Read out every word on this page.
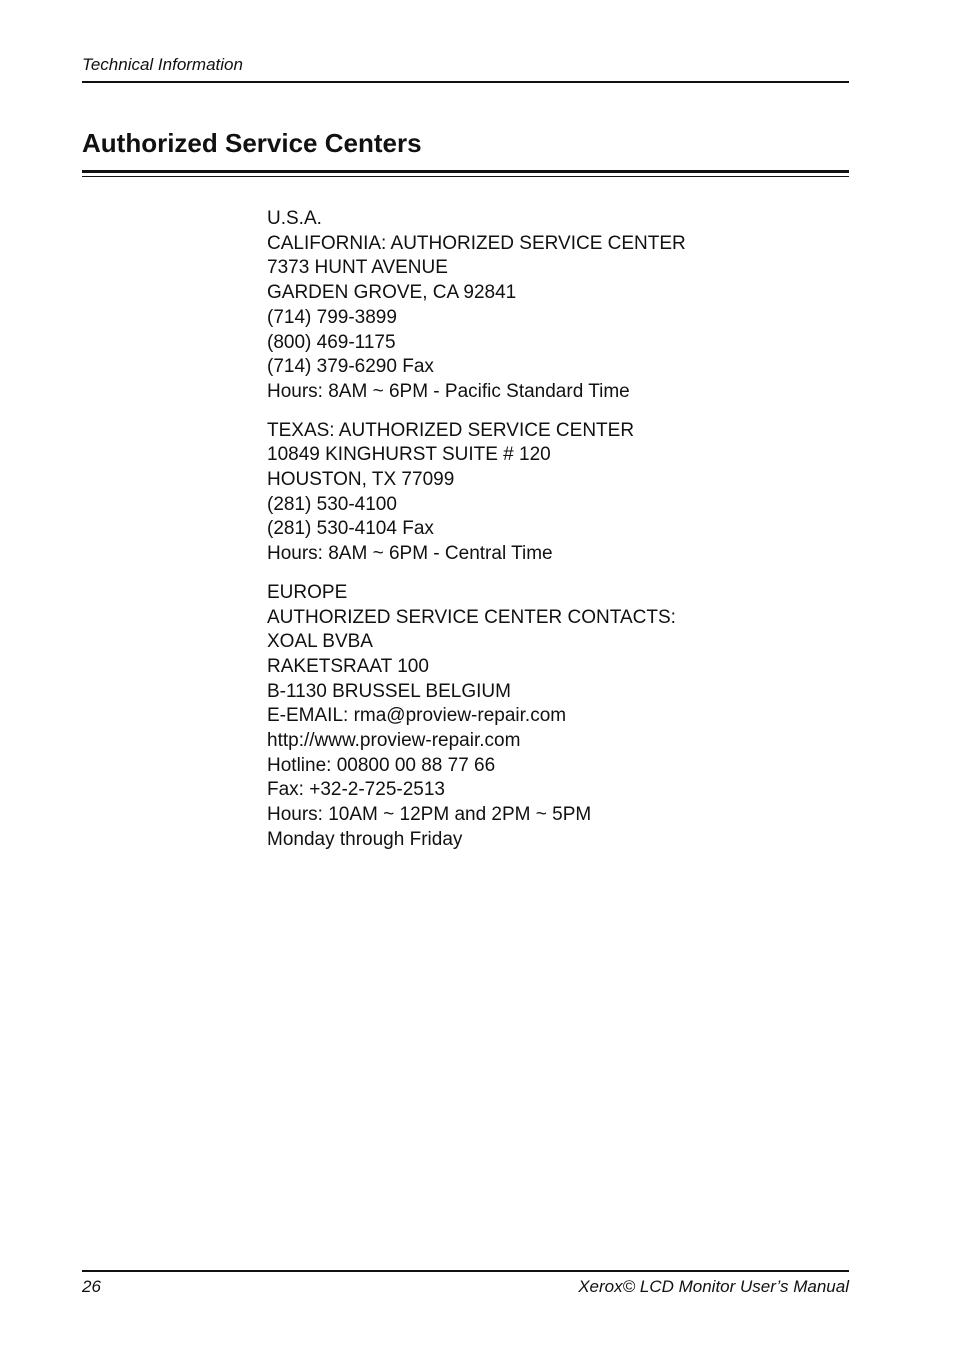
Technical Information
Authorized Service Centers
U.S.A.
CALIFORNIA: AUTHORIZED SERVICE CENTER
7373 HUNT AVENUE
GARDEN GROVE, CA 92841
(714) 799-3899
(800) 469-1175
(714) 379-6290 Fax
Hours: 8AM ~ 6PM - Pacific Standard Time
TEXAS: AUTHORIZED SERVICE CENTER
10849 KINGHURST SUITE # 120
HOUSTON, TX 77099
(281) 530-4100
(281) 530-4104 Fax
Hours: 8AM ~ 6PM - Central Time
EUROPE
AUTHORIZED SERVICE CENTER CONTACTS:
XOAL BVBA
RAKETSRAAT 100
B-1130 BRUSSEL BELGIUM
E-EMAIL: rma@proview-repair.com
http://www.proview-repair.com
Hotline: 00800 00 88 77 66
Fax: +32-2-725-2513
Hours: 10AM ~ 12PM and 2PM ~ 5PM
Monday through Friday
26	Xerox© LCD Monitor User’s Manual
